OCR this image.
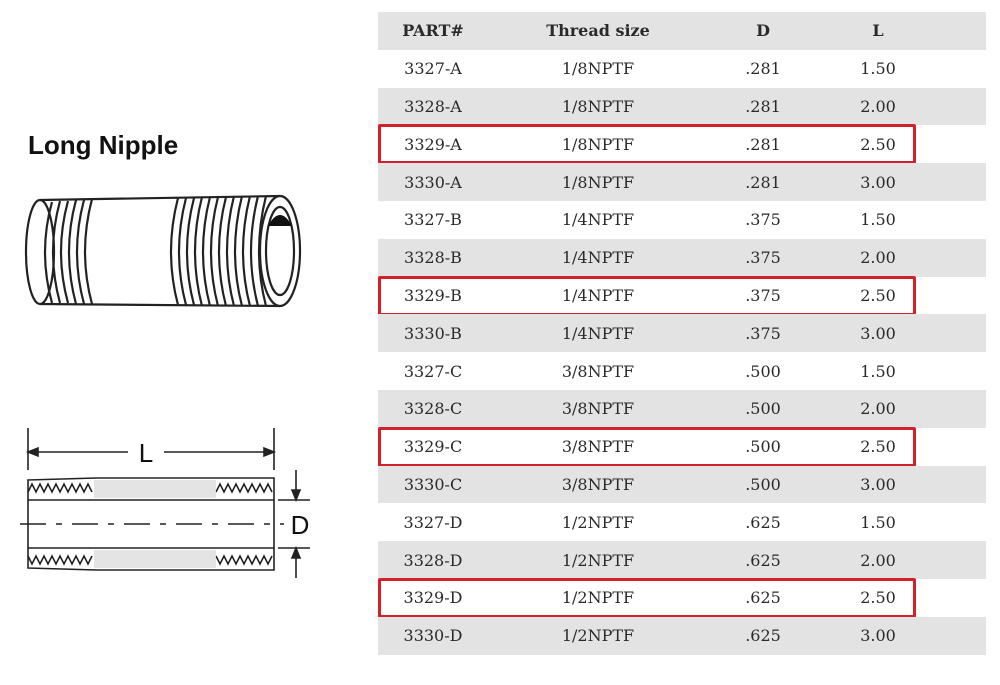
Long Nipple
L
D
PART#	Thread size	D	L
3327-A	1/8NPTF	.281	1.50
3328-A	1/8NPTF	.281	2.00
3329-A	1/8NPTF	.281	2.50
3330-A	1/8NPTF	.281	3.00
3327-B	1/4NPTF	.375	1.50
3328-B	1/4NPTF	.375	2.00
3329-B	1/4NPTF	.375	2.50
3330-B	1/4NPTF	.375	3.00
3327-C	3/8NPTF	.500	1.50
3328-C	3/8NPTF	.500	2.00
3329-C	3/8NPTF	.500	2.50
3330-C	3/8NPTF	.500	3.00
3327-D	1/2NPTF	.625	1.50
3328-D	1/2NPTF	.625	2.00
3329-D	1/2NPTF	.625	2.50
3330-D	1/2NPTF	.625	3.00
